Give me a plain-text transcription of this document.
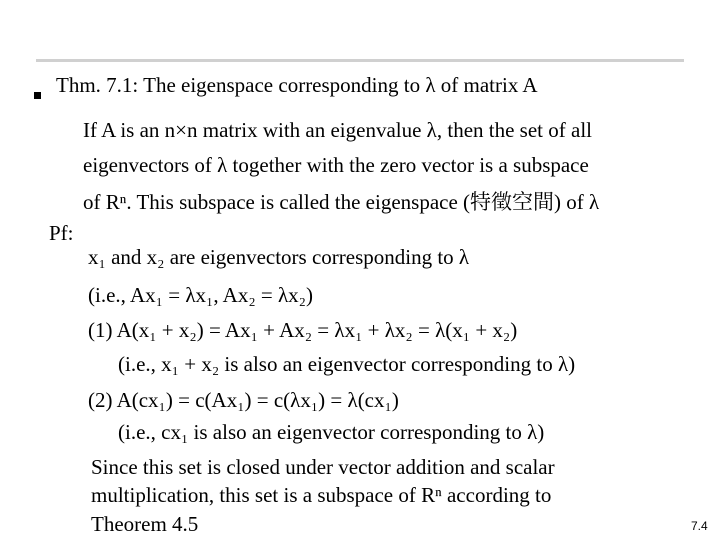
Thm. 7.1: The eigenspace corresponding to λ of matrix A
If A is an n×n matrix with an eigenvalue λ, then the set of all
eigenvectors of λ together with the zero vector is a subspace
of Rⁿ. This subspace is called the eigenspace (特徵空間) of λ
Pf:
x₁ and x₂ are eigenvectors corresponding to λ
(i.e., Ax₁ = λx₁, Ax₂ = λx₂)
(1) A(x₁ + x₂) = Ax₁ + Ax₂ = λx₁ + λx₂ = λ(x₁ + x₂)
(i.e., x₁ + x₂ is also an eigenvector corresponding to λ)
(2) A(cx₁) = c(Ax₁) = c(λx₁) = λ(cx₁)
(i.e., cx₁ is also an eigenvector corresponding to λ)
Since this set is closed under vector addition and scalar
multiplication, this set is a subspace of Rⁿ according to
Theorem 4.5	7.4
